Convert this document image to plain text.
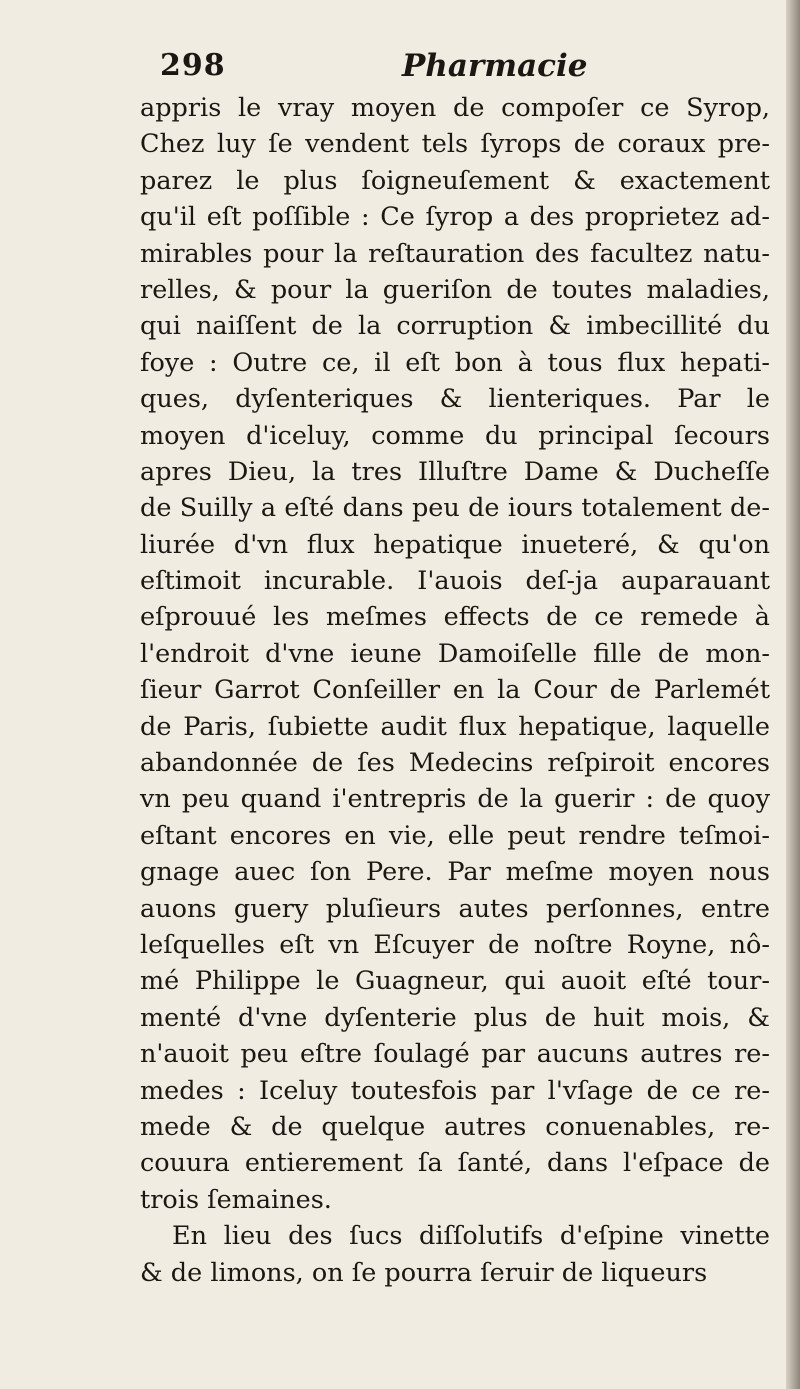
298	Pharmacie
appris le vray moyen de compoſer ce Syrop,
Chez luy ſe vendent tels ſyrops de coraux pre-
parez le plus ſoigneuſement & exactement
qu'il eſt poſſible : Ce ſyrop a des proprietez ad-
mirables pour la reſtauration des facultez natu-
relles, & pour la gueriſon de toutes maladies,
qui naiſſent de la corruption & imbecillité du
foye : Outre ce, il eſt bon à tous flux hepati-
ques, dyſenteriques & lienteriques. Par le
moyen d'iceluy, comme du principal ſecours
apres Dieu, la tres Illuſtre Dame & Ducheſſe
de Suilly a eſté dans peu de iours totalement de-
liurée d'vn flux hepatique inueteré, & qu'on
eſtimoit incurable. I'auois deſ-ja auparauant
eſprouué les meſmes effects de ce remede à
l'endroit d'vne ieune Damoiſelle fille de mon-
ſieur Garrot Conſeiller en la Cour de Parlemét
de Paris, ſubiette audit flux hepatique, laquelle
abandonnée de ſes Medecins reſpiroit encores
vn peu quand i'entrepris de la guerir : de quoy
eſtant encores en vie, elle peut rendre teſmoi-
gnage auec ſon Pere. Par meſme moyen nous
auons guery pluſieurs autes perſonnes, entre
leſquelles eſt vn Eſcuyer de noſtre Royne, nô-
mé Philippe le Guagneur, qui auoit eſté tour-
menté d'vne dyſenterie plus de huit mois, &
n'auoit peu eſtre ſoulagé par aucuns autres re-
medes : Iceluy toutesfois par l'vſage de ce re-
mede & de quelque autres conuenables, re-
couura entierement ſa ſanté, dans l'eſpace de
trois ſemaines.
En lieu des ſucs diſſolutifs d'eſpine vinette
& de limons, on ſe pourra ſeruir de liqueurs
